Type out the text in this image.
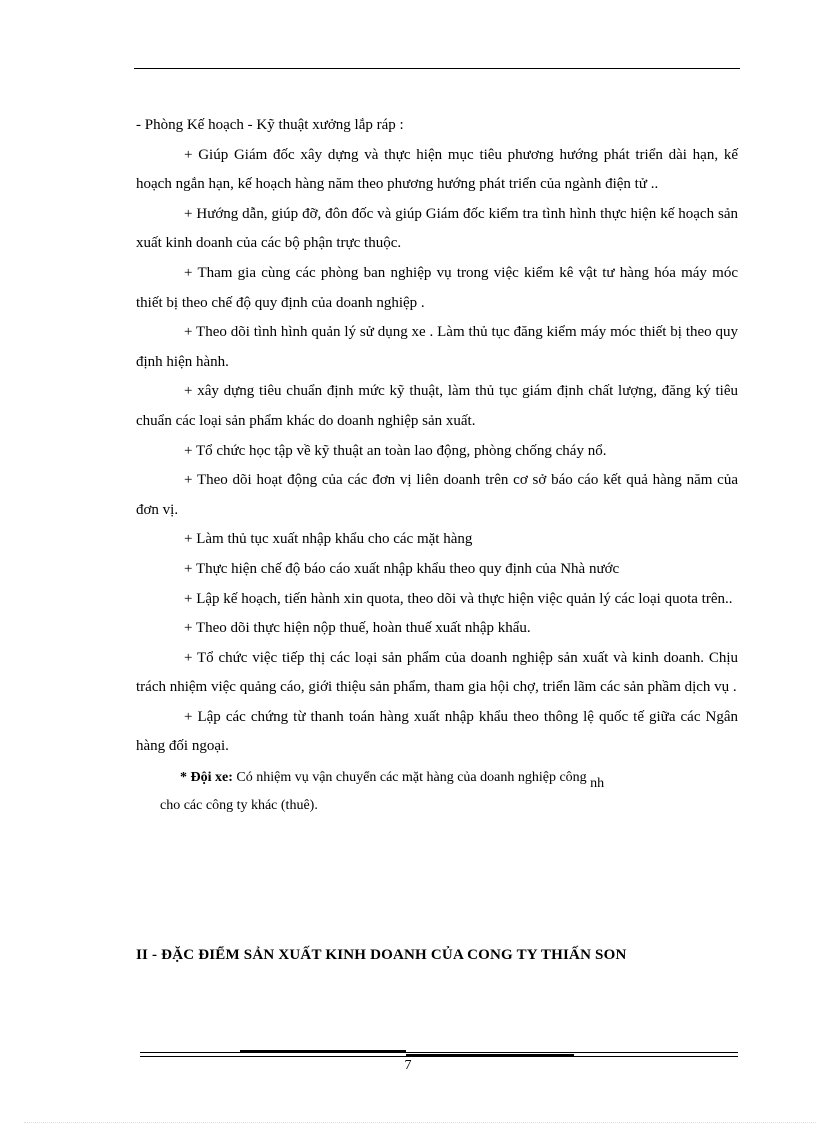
- Phòng Kế hoạch - Kỹ thuật xưởng lắp ráp :

+ Giúp Giám đốc xây dựng và thực hiện mục tiêu phương hướng phát triển dài hạn, kế hoạch ngắn hạn, kế hoạch hàng năm theo phương hướng phát triển của ngành điện tử ..

+ Hướng dẫn, giúp đỡ, đôn đốc và giúp Giám đốc kiểm tra tình hình thực hiện kế hoạch sản xuất kinh doanh của các bộ phận trực thuộc.

+ Tham gia cùng các phòng ban nghiệp vụ trong việc kiểm kê vật tư hàng hóa máy móc thiết bị theo chế độ quy định của doanh nghiệp .

+ Theo dõi tình hình quản lý sử dụng xe . Làm thủ tục đăng kiểm máy móc thiết bị theo quy định hiện hành.

+ xây dựng tiêu chuẩn định mức kỹ thuật, làm thủ tục giám định chất lượng, đăng ký tiêu chuẩn các loại sản phẩm khác do doanh nghiệp sản xuất.

+ Tổ chức học tập về kỹ thuật an toàn lao động, phòng chống cháy nổ.

+ Theo dõi hoạt động của các đơn vị liên doanh trên cơ sở báo cáo kết quả hàng năm của đơn vị.

+ Làm thủ tục xuất nhập khẩu cho các mặt hàng

+ Thực hiện chế độ báo cáo xuất nhập khẩu theo quy định của Nhà nước

+ Lập kế hoạch, tiến hành xin quota, theo dõi và thực hiện việc quản lý các loại quota trên..

+ Theo dõi thực hiện nộp thuế, hoàn thuế xuất nhập khẩu.

+ Tổ chức việc tiếp thị các loại sản phẩm của doanh nghiệp sản xuất và kinh doanh. Chịu trách nhiệm việc quảng cáo, giới thiệu sản phẩm, tham gia hội chợ, triển lãm các sản phầm dịch vụ .

+ Lập các chứng từ thanh toán hàng xuất nhập khẩu theo thông lệ quốc tế giữa các Ngân hàng đối ngoại.

* Đội xe: Có nhiệm vụ vận chuyển các mặt hàng của doanh nghiệp công nh
cho các công ty khác (thuê).
II - ĐẶC ĐIỂM SẢN XUẤT KINH DOANH CỦA CONG TY THIẤN SON
7
